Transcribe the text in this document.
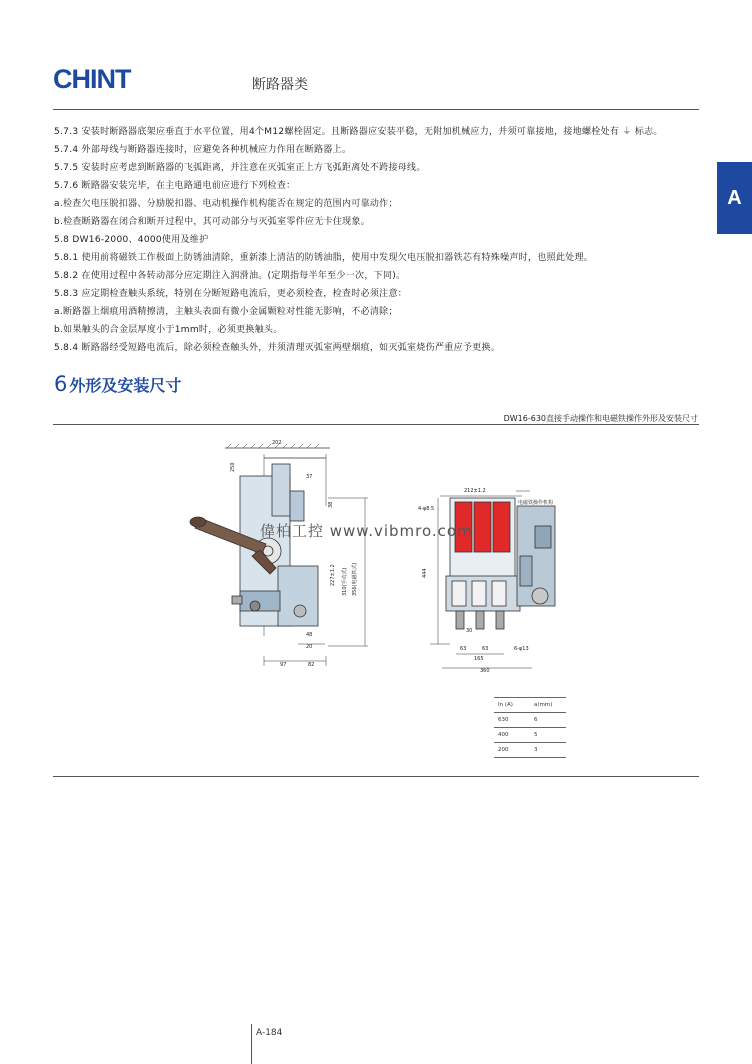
CHINT	断路器类
A
5.7.3 安装时断路器底架应垂直于水平位置，用4个M12螺栓固定。且断路器应安装平稳，无附加机械应力，并须可靠接地，接地螺栓处有 ⏚ 标志。
5.7.4 外部母线与断路器连接时，应避免各种机械应力作用在断路器上。
5.7.5 安装时应考虑到断路器的飞弧距离，并注意在灭弧室正上方飞弧距离处不跨接母线。
5.7.6 断路器安装完毕，在主电路通电前应进行下列检查：
a.检查欠电压脱扣器、分励脱扣器、电动机操作机构能否在规定的范围内可靠动作；
b.检查断路器在闭合和断开过程中，其可动部分与灭弧室零件应无卡住现象。
5.8 DW16-2000、4000使用及维护
5.8.1 使用前将磁铁工作极面上防锈油清除，重新漆上清洁的防锈油脂，使用中发现欠电压脱扣器铁芯有特殊噪声时，也照此处理。
5.8.2 在使用过程中各转动部分应定期注入润滑油。(定期指每半年至少一次，下同)。
5.8.3 应定期检查触头系统，特别在分断短路电流后，更必须检查，检查时必须注意：
a.断路器上烟痕用酒精擦清，主触头表面有微小金属颗粒对性能无影响，不必清除；
b.如果触头的合金层厚度小于1mm时，必须更换触头。
5.8.4 断路器经受短路电流后，除必须检查触头外，并须清理灭弧室两壁烟痕，如灭弧室烧伤严重应予更换。
6 外形及安装尺寸
DW16-630直接手动操作和电磁铁操作外形及安装尺寸
202
250
37
38
227±1.2 310(手动式) 356(电磁铁式)
48
20
97	82
212±1.2
4-φ8.5
电磁铁操作机构
444
30
63	63
165
6-φ13
360
偉柏工控 www.vibmro.com
In (A)	a(mm)
630	6
400	5
200	3
A-184
